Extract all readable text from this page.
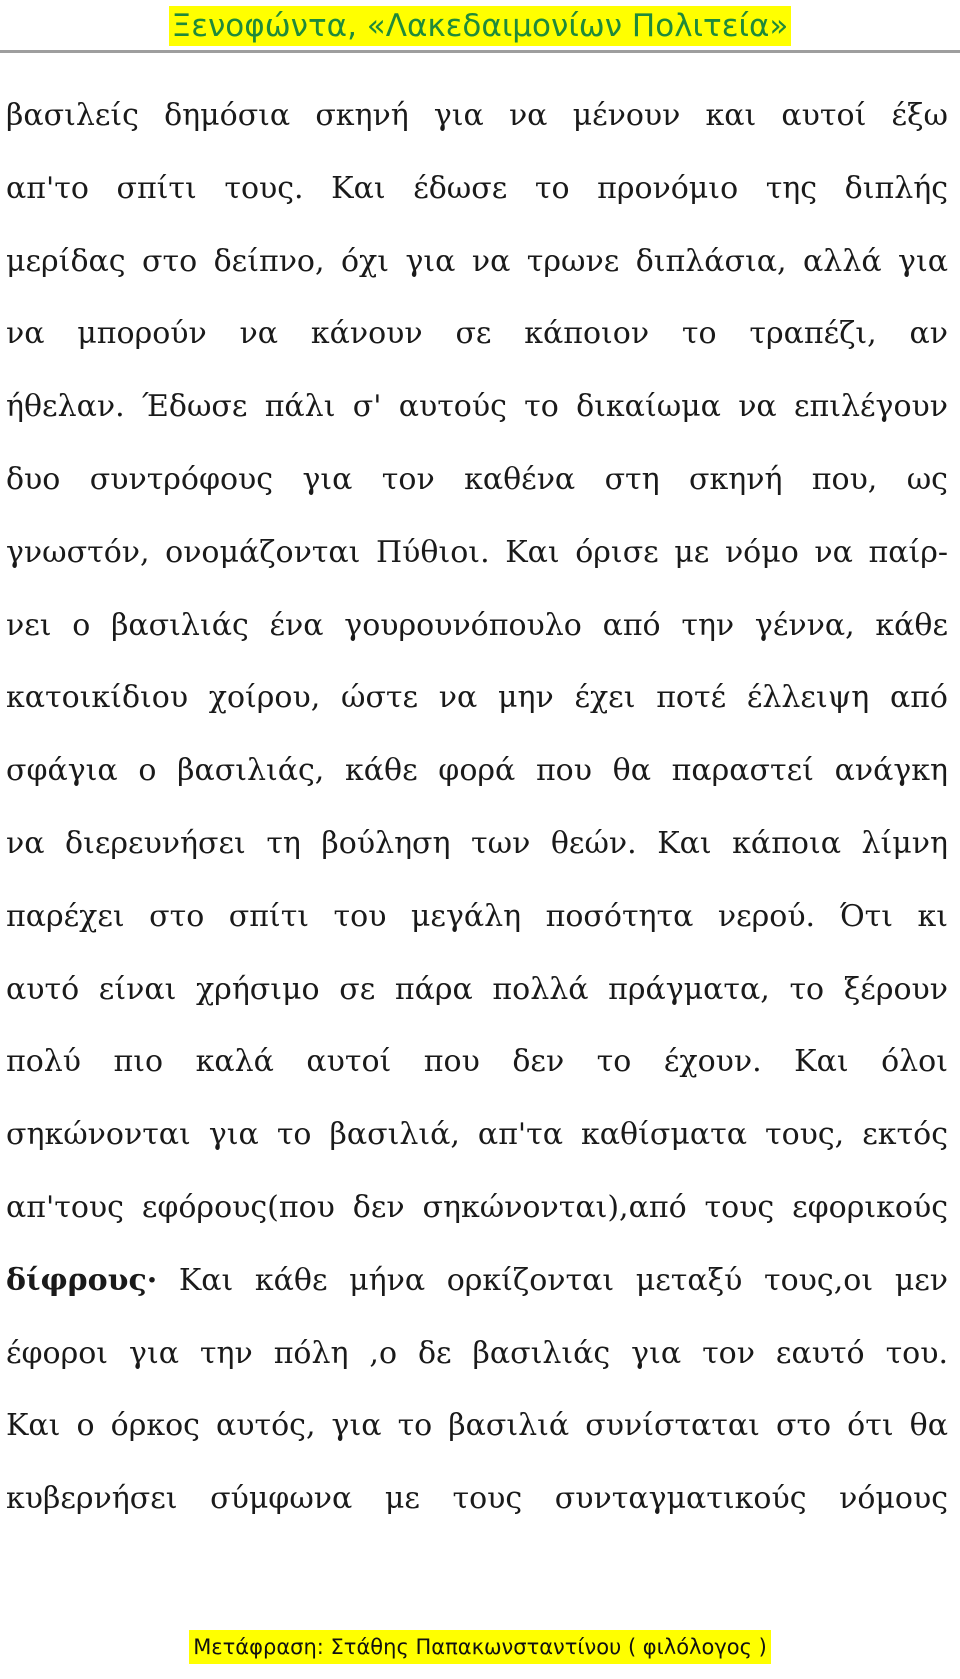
Ξενοφώντα, «Λακεδαιμονίων Πολιτεία»
βασιλείς δημόσια σκηνή για να μένουν και αυτοί έξω
απ'το σπίτι τους. Και έδωσε το προνόμιο της διπλής
μερίδας στο δείπνο, όχι για να τρωνε διπλάσια, αλλά για
να μπορούν να κάνουν σε κάποιον το τραπέζι, αν
ήθελαν. Έδωσε πάλι σ' αυτούς το δικαίωμα να επιλέγουν
δυο συντρόφους για τον καθένα στη σκηνή που, ως
γνωστόν, ονομάζονται Πύθιοι. Και όρισε με νόμο να παίρ-
νει ο βασιλιάς ένα γουρουνόπουλο από την γέννα, κάθε
κατοικίδιου χοίρου, ώστε να μην έχει ποτέ έλλειψη από
σφάγια ο βασιλιάς, κάθε φορά που θα παραστεί ανάγκη
να διερευνήσει τη βούληση των θεών. Και κάποια λίμνη
παρέχει στο σπίτι του μεγάλη ποσότητα νερού. Ότι κι
αυτό είναι χρήσιμο σε πάρα πολλά πράγματα, το ξέρουν
πολύ πιο καλά αυτοί που δεν το έχουν. Και όλοι
σηκώνονται για το βασιλιά, απ'τα καθίσματα τους, εκτός
απ'τους εφόρους(που δεν σηκώνονται),από τους εφορικούς
δίφρους· Και κάθε μήνα ορκίζονται μεταξύ τους,οι μεν
έφοροι για την πόλη ,ο δε βασιλιάς για τον εαυτό του.
Και ο όρκος αυτός, για το βασιλιά συνίσταται στο ότι θα
κυβερνήσει σύμφωνα με τους συνταγματικούς νόμους
Μετάφραση: Στάθης Παπακωνσταντίνου ( φιλόλογος )
